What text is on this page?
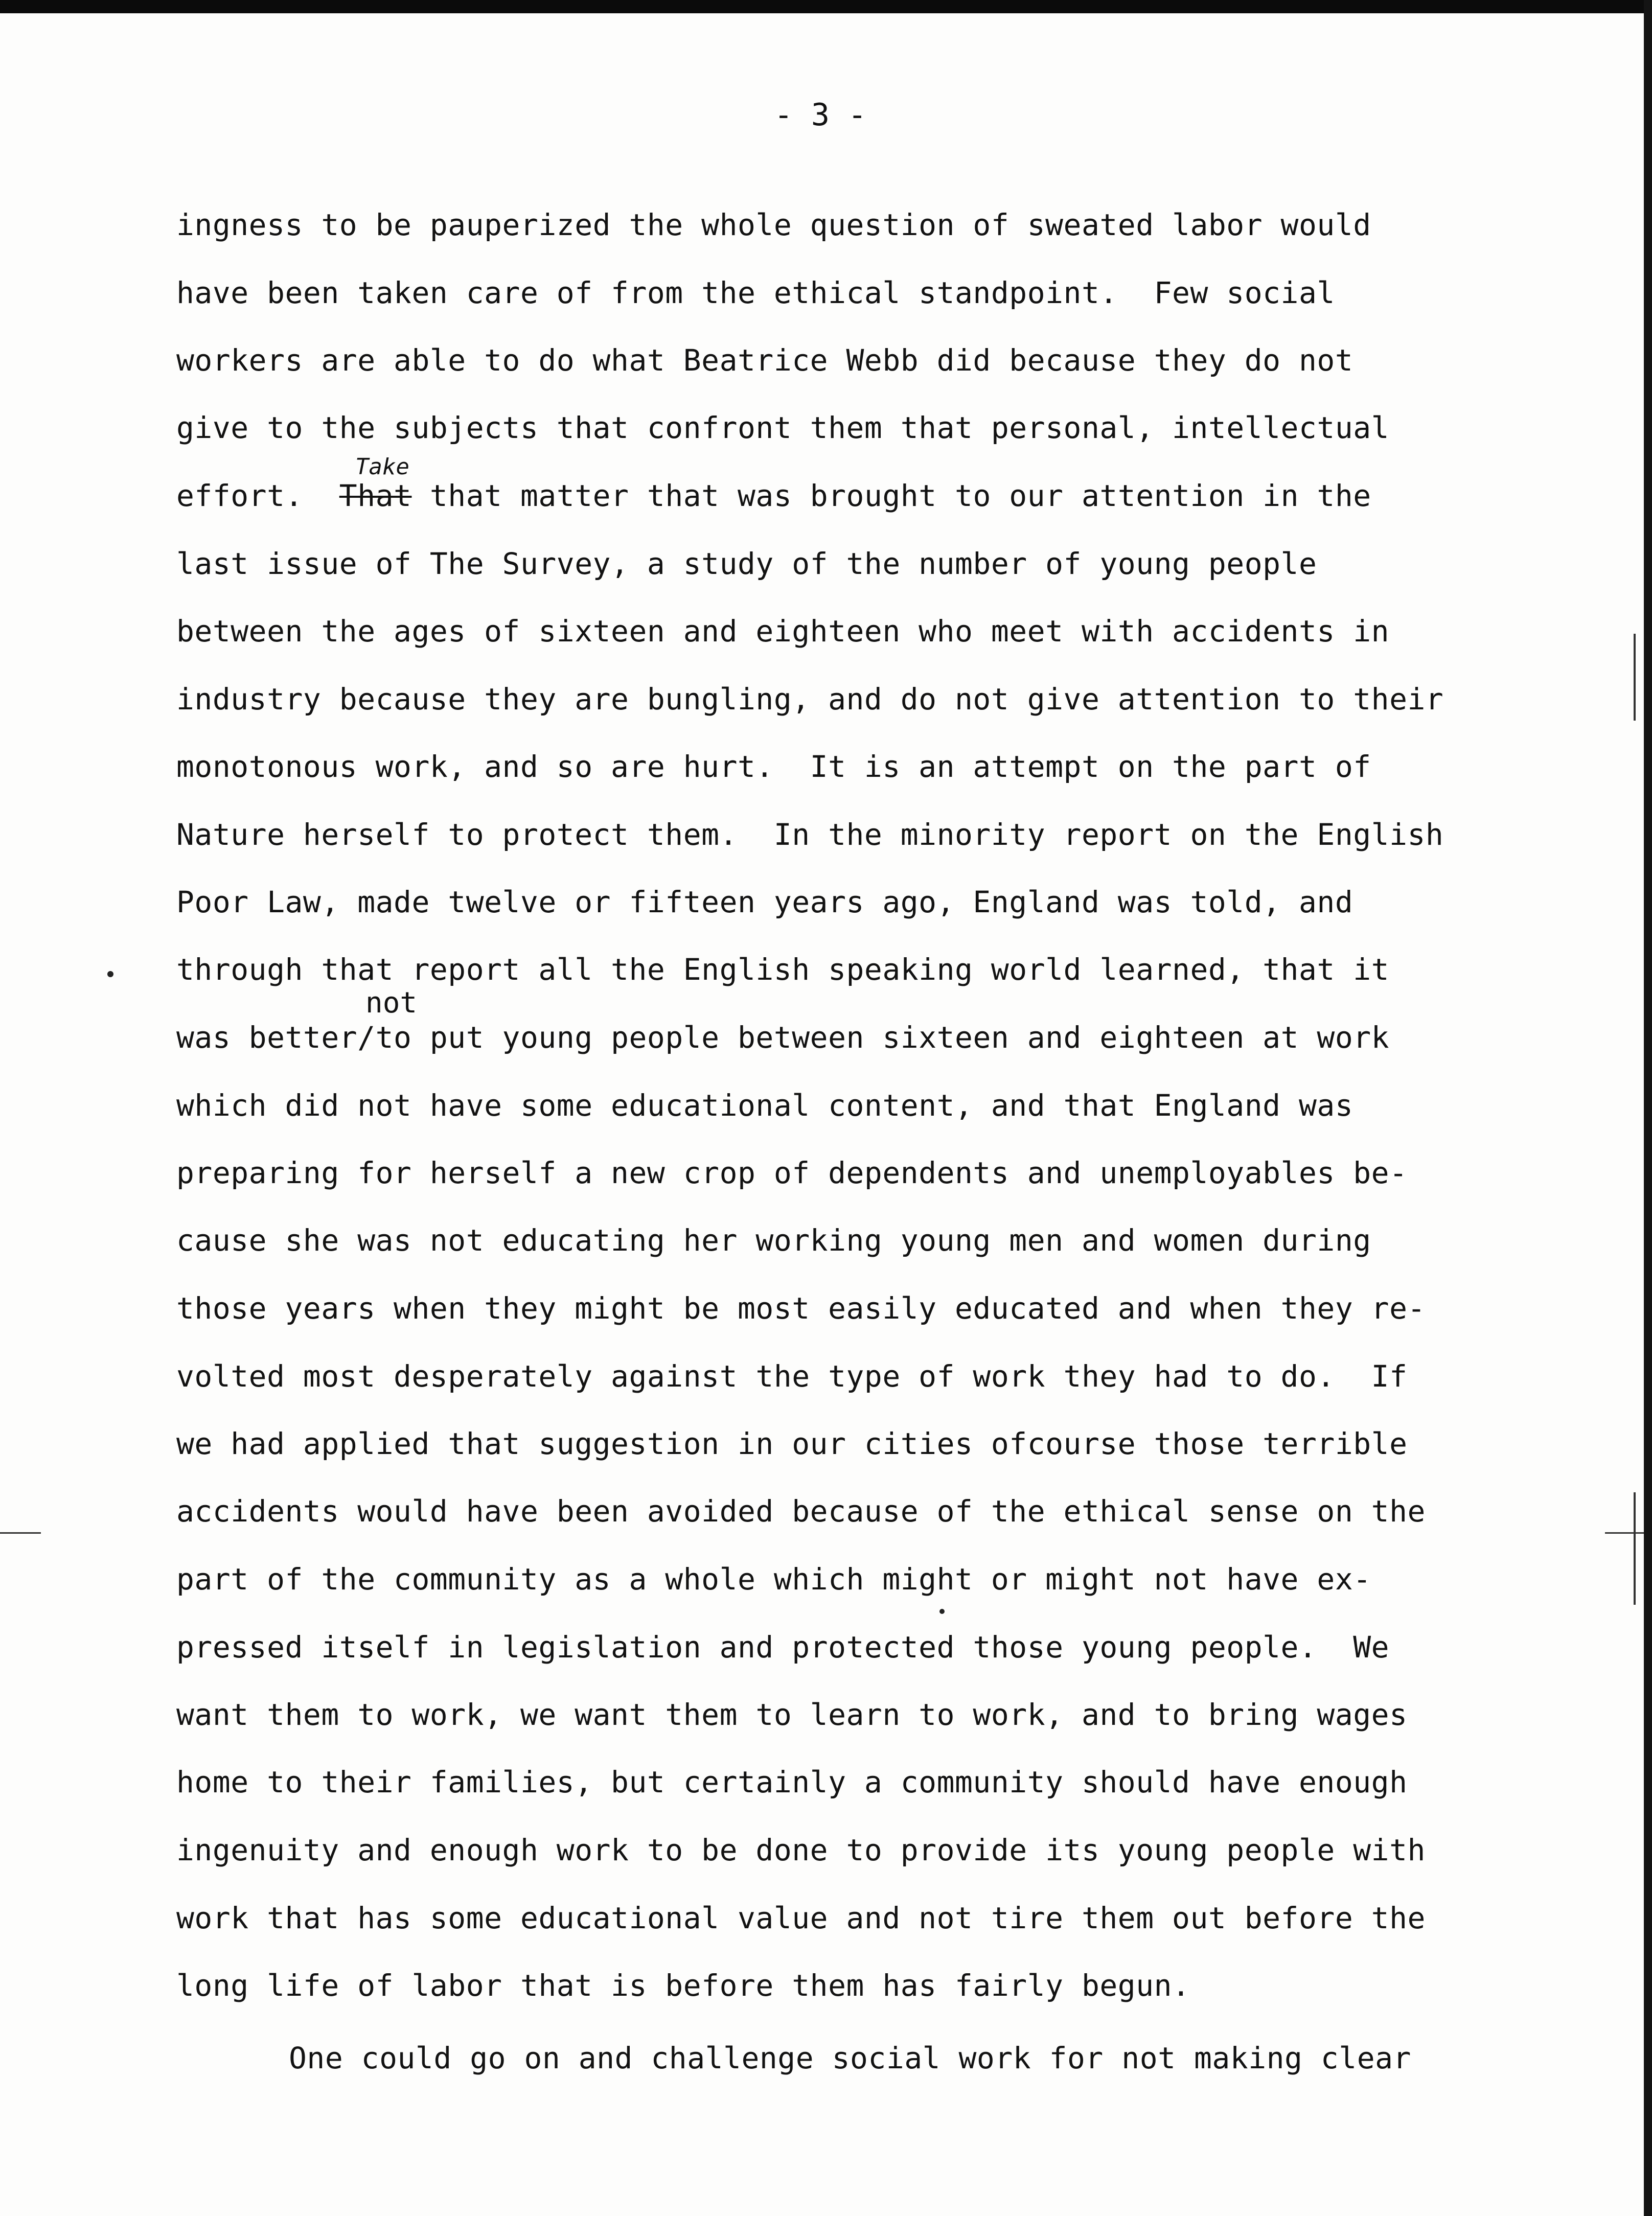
- 3 -
ingness to be pauperized the whole question of sweated labor would
have been taken care of from the ethical standpoint.  Few social
workers are able to do what Beatrice Webb did because they do not
give to the subjects that confront them that personal, intellectual
Take
effort.  That that matter that was brought to our attention in the
last issue of The Survey, a study of the number of young people
between the ages of sixteen and eighteen who meet with accidents in
industry because they are bungling, and do not give attention to their
monotonous work, and so are hurt.  It is an attempt on the part of
Nature herself to protect them.  In the minority report on the English
Poor Law, made twelve or fifteen years ago, England was told, and
through that report all the English speaking world learned, that it
not
was better/to put young people between sixteen and eighteen at work
which did not have some educational content, and that England was
preparing for herself a new crop of dependents and unemployables be-
cause she was not educating her working young men and women during
those years when they might be most easily educated and when they re-
volted most desperately against the type of work they had to do.  If
we had applied that suggestion in our cities ofcourse those terrible
accidents would have been avoided because of the ethical sense on the
part of the community as a whole which might or might not have ex-
pressed itself in legislation and protected those young people.  We
want them to work, we want them to learn to work, and to bring wages
home to their families, but certainly a community should have enough
ingenuity and enough work to be done to provide its young people with
work that has some educational value and not tire them out before the
long life of labor that is before them has fairly begun.
One could go on and challenge social work for not making clear
